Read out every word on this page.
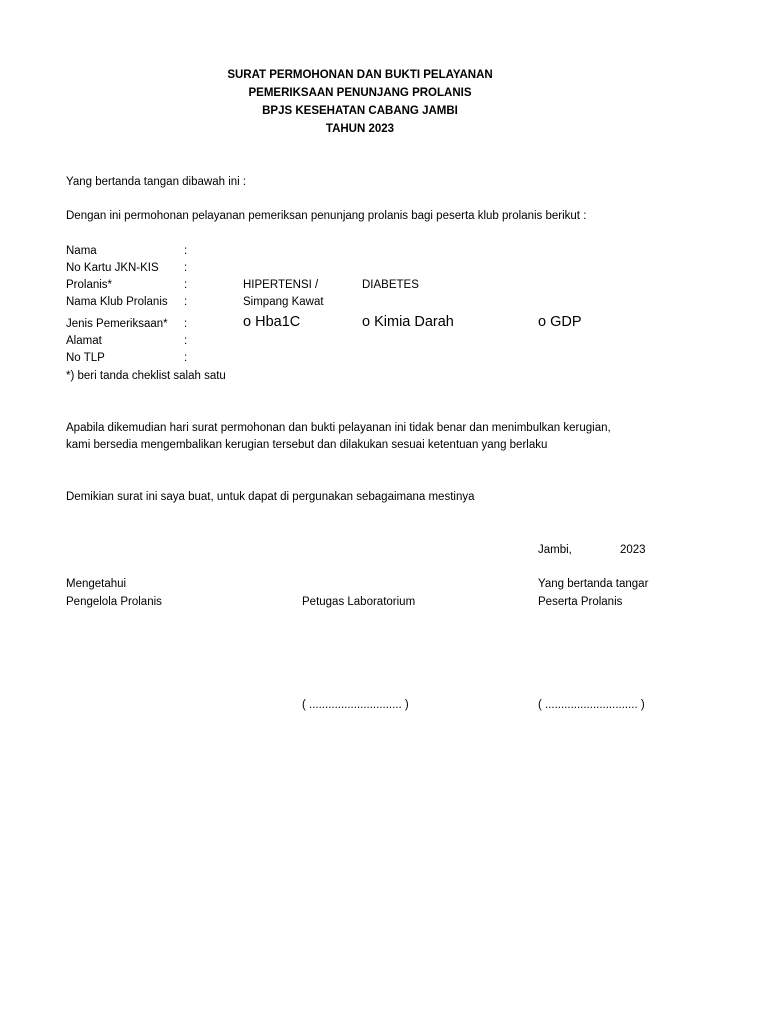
SURAT PERMOHONAN DAN BUKTI PELAYANAN
PEMERIKSAAN PENUNJANG PROLANIS
BPJS KESEHATAN CABANG JAMBI
TAHUN 2023
Yang bertanda tangan dibawah ini :
Dengan ini permohonan pelayanan pemeriksan penunjang prolanis bagi peserta klub prolanis berikut :
Nama	:
No Kartu JKN-KIS :
Prolanis*	:	HIPERTENSI /	DIABETES
Nama Klub Prolanis :	Simpang Kawat
Jenis Pemeriksaan* :	o Hba1C	o Kimia Darah	o GDP
Alamat	:
No TLP	:
*) beri tanda cheklist salah satu
Apabila dikemudian hari surat permohonan dan bukti pelayanan ini tidak benar dan menimbulkan kerugian,
kami bersedia mengembalikan kerugian tersebut dan dilakukan sesuai ketentuan yang berlaku
Demikian surat ini saya buat, untuk dapat di pergunakan sebagaimana mestinya
Jambi,	2023
Mengetahui
Pengelola Prolanis	Petugas Laboratorium
Yang bertanda tangar
Peserta Prolanis
( ............................. )	( ............................. )
